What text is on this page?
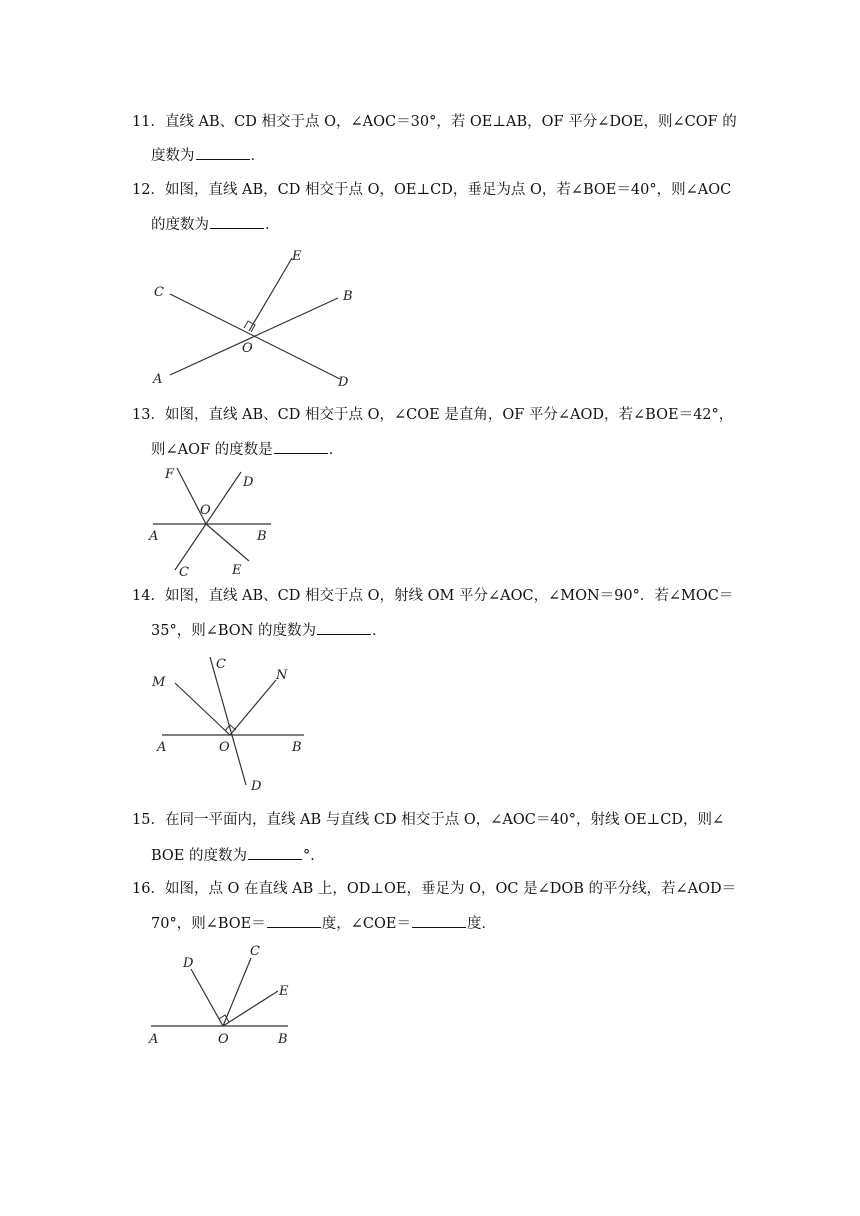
11．直线 AB、CD 相交于点 O，∠AOC＝30°，若 OE⊥AB，OF 平分∠DOE，则∠COF 的
度数为	．
12．如图，直线 AB，CD 相交于点 O，OE⊥CD，垂足为点 O，若∠BOE＝40°，则∠AOC
的度数为	．
E
C	B
O
A	D
13．如图，直线 AB、CD 相交于点 O，∠COE 是直角，OF 平分∠AOD，若∠BOE＝42°，
则∠AOF 的度数是	．
F
D
O
A	B
C	E
14．如图，直线 AB、CD 相交于点 O，射线 OM 平分∠AOC，∠MON＝90°．若∠MOC＝
35°，则∠BON 的度数为	．
M
C
N
A	O	B
D
15．在同一平面内，直线 AB 与直线 CD 相交于点 O，∠AOC＝40°，射线 OE⊥CD，则∠
BOE 的度数为	°．
16．如图，点 O 在直线 AB 上，OD⊥OE，垂足为 O，OC 是∠DOB 的平分线，若∠AOD＝
70°，则∠BOE＝	度，∠COE＝	度．
D
C
E
A	O	B
